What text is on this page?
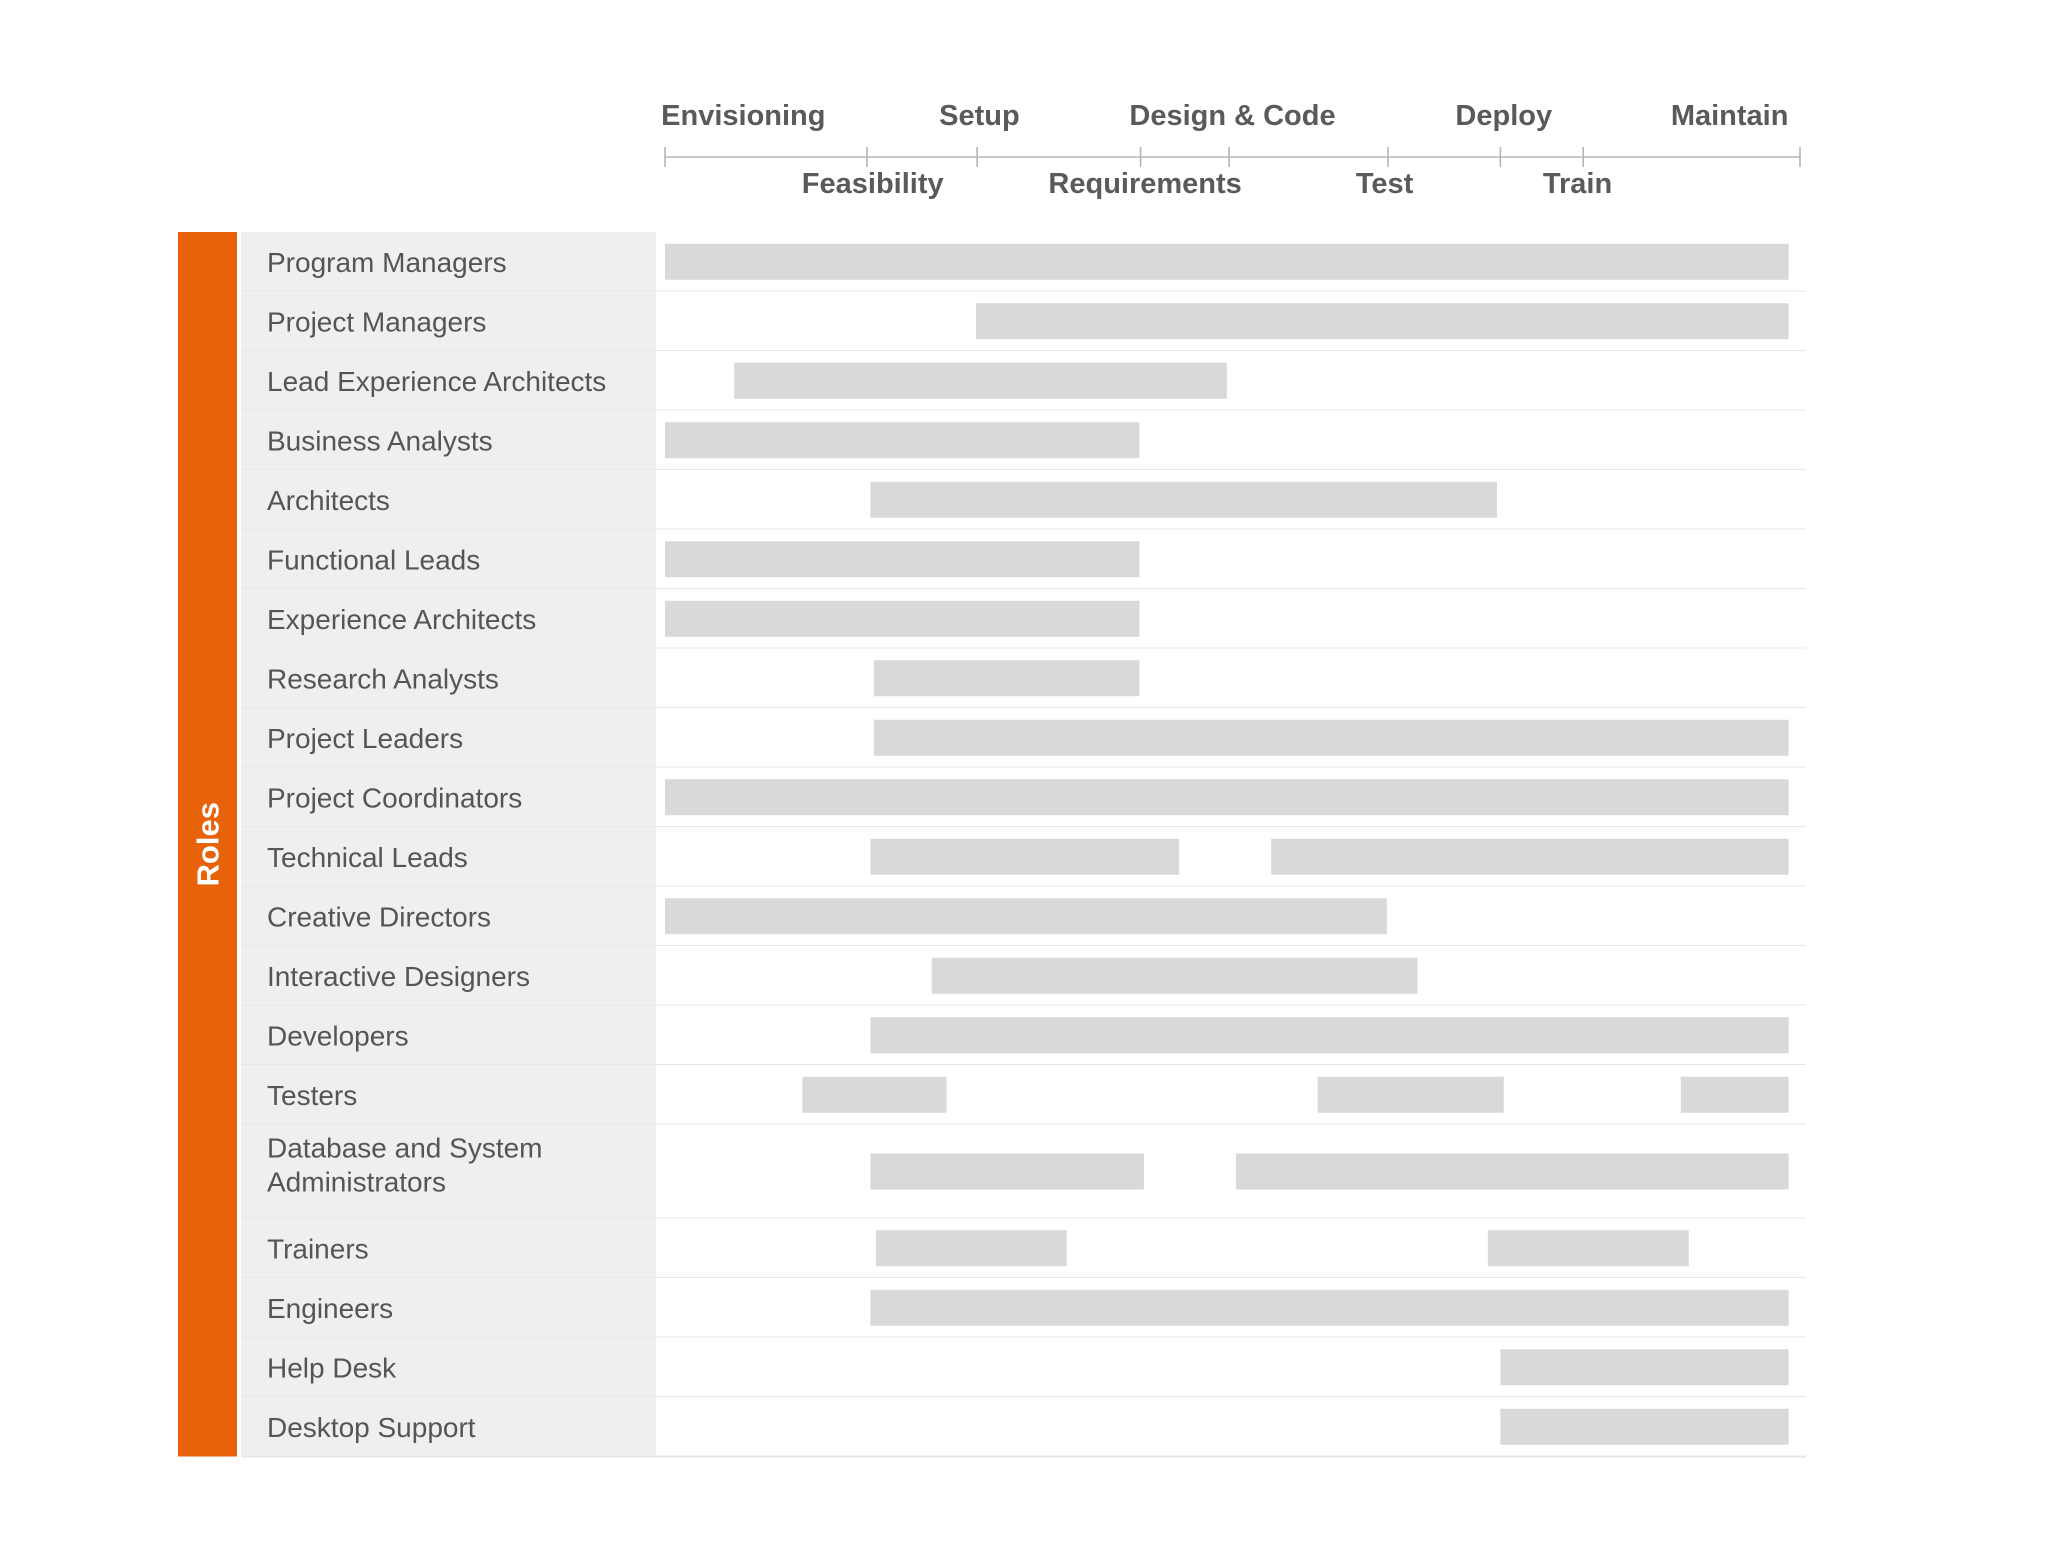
Envisioning	Setup	Design & Code	Deploy	Maintain
Feasibility	Requirements	Test	Train
Roles
Program Managers
Project Managers
Lead Experience Architects
Business Analysts
Architects
Functional Leads
Experience Architects
Research Analysts
Project Leaders
Project Coordinators
Technical Leads
Creative Directors
Interactive Designers
Developers
Testers
Database and System
Administrators
Trainers
Engineers
Help Desk
Desktop Support
